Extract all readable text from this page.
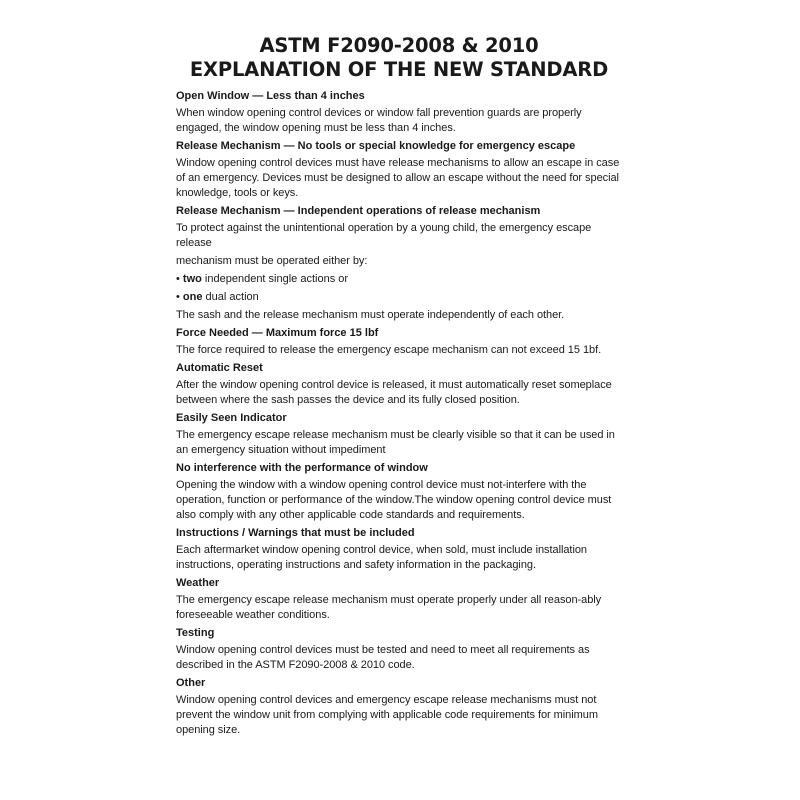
ASTM F2090-2008 & 2010
EXPLANATION OF THE NEW STANDARD
Open Window — Less than 4 inches
When window opening control devices or window fall prevention guards are properly engaged, the window opening must be less than 4 inches.
Release Mechanism — No tools or special knowledge for emergency escape
Window opening control devices must have release mechanisms to allow an escape in case of an emergency. Devices must be designed to allow an escape without the need for special knowledge, tools or keys.
Release Mechanism — Independent operations of release mechanism
To protect against the unintentional operation by a young child, the emergency escape release
mechanism must be operated either by:
• two independent single actions or
• one dual action
The sash and the release mechanism must operate independently of each other.
Force Needed — Maximum force 15 lbf
The force required to release the emergency escape mechanism can not exceed 15 1bf.
Automatic Reset
After the window opening control device is released, it must automatically reset someplace between where the sash passes the device and its fully closed position.
Easily Seen Indicator
The emergency escape release mechanism must be clearly visible so that it can be used in an emergency situation without impediment
No interference with the performance of window
Opening the window with a window opening control device must not-interfere with the operation, function or performance of the window.The window opening control device must also comply with any other applicable code standards and requirements.
Instructions / Warnings that must be included
Each aftermarket window opening control device, when sold, must include installation instructions, operating instructions and safety information in the packaging.
Weather
The emergency escape release mechanism must operate properly under all reason-ably foreseeable weather conditions.
Testing
Window opening control devices must be tested and need to meet all requirements as described in the ASTM F2090-2008 & 2010 code.
Other
Window opening control devices and emergency escape release mechanisms must not prevent the window unit from complying with applicable code requirements for minimum opening size.
